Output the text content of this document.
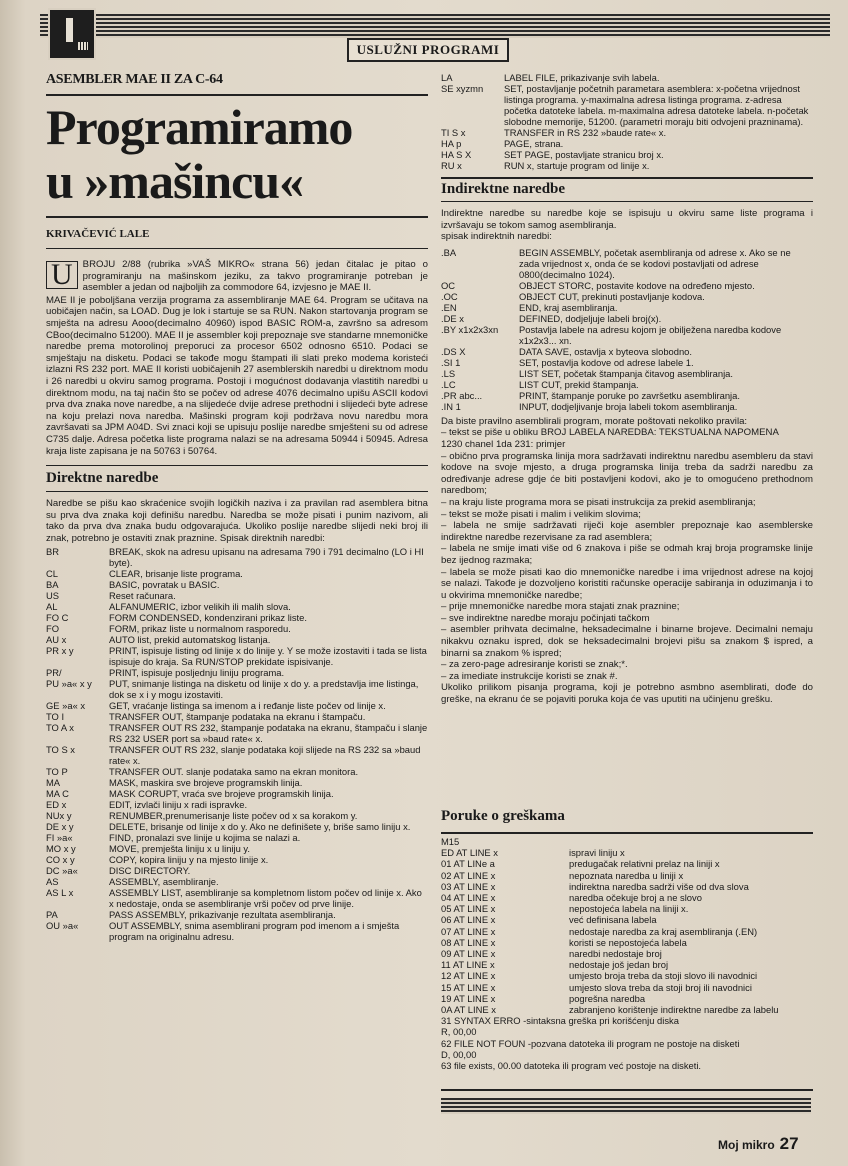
USLUŽNI PROGRAMI
ASEMBLER MAE II ZA C-64
Programiramo
u »mašincu«
KRIVAČEVIĆ LALE

U	BROJU 2/88 (rubrika »VAŠ MIKRO« strana 56) jedan čitalac je pitao o programiranju na mašinskom jeziku, za takvo programiranje potreban je asembler a jedan od najboljih za commodore 64, izvjesno je MAE II.

MAE II je poboljšana verzija programa za assembliranje MAE 64. Program se učitava na uobičajen način, sa LOAD. Dug je lok i startuje se sa RUN. Nakon startovanja program se smješta na adresu Aooo(decimalno 40960) ispod BASIC ROM-a, završno sa adresom CBoo(decimalno 51200). MAE II je assembler koji prepoznaje sve standarne mnemoničke naredbe prema motorolinoj preporuci za procesor 6502 odnosno 6510. Podaci se smještaju na disketu. Podaci se takođe mogu štampati ili slati preko modema koristeći izlazni RS 232 port. MAE II koristi uobičajenih 27 asemblerskih naredbi u direktnom modu i 26 naredbi u okviru samog programa. Postoji i mogućnost dodavanja vlastitih naredbi u direktnom modu, na taj način što se počev od adrese 4076 decimalno upišu ASCII kodovi prva dva znaka nove naredbe, a na slijedeće dvije adrese prethodni i slijedeći byte adrese na koju prelazi nova naredba. Mašinski program koji podržava novu naredbu mora završavati sa JPM A04D. Svi znaci koji se upisuju poslije naredbe smješteni su od adrese C735 dalje. Adresa početka liste programa nalazi se na adresama 50944 i 50945. Adresa kraja liste zapisana je na 50763 i 50764.

Direktne naredbe

Naredbe se pišu kao skraćenice svojih logičkih naziva i za pravilan rad asemblera bitna su prva dva znaka koji definišu naredbu. Naredba se može pisati i punim nazivom, ali tako da prva dva znaka budu odgovarajuća. Ukoliko poslije naredbe slijedi neki broj ili znak, potrebno je ostaviti znak praznine. Spisak direktnih naredbi:

BR	BREAK, skok na adresu upisanu na adresama 790 i 791 decimalno (LO i HI byte).
CL	CLEAR, brisanje liste programa.
BA	BASIC, povratak u BASIC.
US	Reset računara.
AL	ALFANUMERIC, izbor velikih ili malih slova.
FO C	FORM CONDENSED, kondenzirani prikaz liste.
FO	FORM, prikaz liste u normalnom rasporedu.
AU x	AUTO list, prekid automatskog listanja.
PR x y	PRINT, ispisuje listing od linije x do linije y. Y se može izostaviti i tada se lista ispisuje do kraja. Sa RUN/STOP prekidate ispisivanje.
PR/	PRINT, ispisuje posljednju liniju programa.
PU »a« x y	PUT, snimanje listinga na disketu od linije x do y. a predstavlja ime listinga, dok se x i y mogu izostaviti.
GE »a« x	GET, vraćanje listinga sa imenom a i ređanje liste počev od linije x.
TO I	TRANSFER OUT, štampanje podataka na ekranu i štampaču.
TO A x	TRANSFER OUT RS 232, štampanje podataka na ekranu, štampaču i slanje RS 232 USER port sa »baud rate« x.
TO S x	TRANSFER OUT RS 232, slanje podataka koji slijede na RS 232 sa »baud rate« x.
TO P	TRANSFER OUT. slanje podataka samo na ekran monitora.
MA	MASK, maskira sve brojeve programskih linija.
MA C	MASK CORUPT, vraća sve brojeve programskih linija.
ED x	EDIT, izvlači liniju x radi ispravke.
NUx y	RENUMBER,prenumerisanje liste počev od x sa korakom y.
DE x y	DELETE, brisanje od linije x do y. Ako ne definišete y, briše samo liniju x.
FI »a«	FIND, pronalazi sve linije u kojima se nalazi a.
MO x y	MOVE, premješta liniju x u liniju y.
CO x y	COPY, kopira liniju y na mjesto linije x.
DC »a«	DISC DIRECTORY.
AS	ASSEMBLY, asembliranje.
AS L x	ASSEMBLY LIST, asembliranje sa kompletnom listom počev od linije x. Ako x nedostaje, onda se asembliranje vrši počev od prve linije.
PA	PASS ASSEMBLY, prikazivanje rezultata asembliranja.
OU »a«	OUT ASSEMBLY, snima asemblirani program pod imenom a i smješta program na originalnu adresu.
LA	LABEL FILE, prikazivanje svih labela.
SE xyzmn	SET, postavljanje početnih parametara asemblera: x-početna vrijednost listinga programa. y-maximalna adresa listinga programa. z-adresa početka datoteke labela. m-maximalna adresa datoteke labela. n-početak slobodne memorije, 51200. (parametri moraju biti odvojeni prazninama).
TI S x	TRANSFER in RS 232 »baude rate« x.
HA p	PAGE, strana.
HA S X	SET PAGE, postavljate stranicu broj x.
RU x	RUN x, startuje program od linije x.
Indirektne naredbe

Indirektne naredbe su naredbe koje se ispisuju u okviru same liste programa i izvršavaju se tokom samog asembliranja.

spisak indirektnih naredbi:

.BA	BEGIN ASSEMBLY, početak asembliranja od adrese x. Ako se ne zada vrijednost x, onda će se kodovi postavljati od adrese 0800(decimalno 1024).
OC	OBJECT STORC, postavite kodove na određeno mjesto.
.OC	OBJECT CUT, prekinuti postavljanje kodova.
.EN	END, kraj asembliranja.
.DE x	DEFINED, dodjeljuje labeli broj(x).
.BY x1x2x3xn	Postavlja labele na adresu kojom je obilježena naredba kodove x1x2x3... xn.
.DS X	DATA SAVE, ostavlja x byteova slobodno.
.SI 1	SET, postavlja kodove od adrese labele 1.
.LS	LIST SET, početak štampanja čitavog asembliranja.
.LC	LIST CUT, prekid štampanja.
.PR abc...	PRINT, štampanje poruke po završetku asembliranja.
.IN 1	INPUT, dodjeljivanje broja labeli tokom asembliranja.

Da biste pravilno asemblirali program, morate poštovati nekoliko pravila:

– tekst se piše u obliku BROJ LABELA NAREDBA: TEKSTUALNA NAPOMENA

1230 chanel 1da 231: primjer

– obično prva programska linija mora sadržavati indirektnu naredbu asembleru da stavi kodove na svoje mjesto, a druga programska linija treba da sadrži naredbu za određivanje adrese gdje će biti postavljeni kodovi, ako je to omogućeno prethodnom naredbom;

– na kraju liste programa mora se pisati instrukcija za prekid asembliranja;

– tekst se može pisati i malim i velikim slovima;

– labela ne smije sadržavati riječi koje asembler prepoznaje kao asemblerske indirektne naredbe rezervisane za rad asemblera;

– labela ne smije imati više od 6 znakova i piše se odmah kraj broja programske linije bez ijednog razmaka;

– labela se može pisati kao dio mnemoničke naredbe i ima vrijednost adrese na kojoj se nalazi. Takođe je dozvoljeno koristiti računske operacije sabiranja in oduzimanja i to u okvirima mnemoničke naredbe;

– prije mnemoničke naredbe mora stajati znak praznine;

– sve indirektne naredbe moraju počinjati tačkom

– asembler prihvata decimalne, heksadecimalne i binarne brojeve. Decimalni nemaju nikakvu oznaku ispred, dok se heksadecimalni brojevi pišu sa znakom $ ispred, a binarni sa znakom % ispred;

– za zero-page adresiranje koristi se znak;*.

– za imediate instrukcije koristi se znak #.

Ukoliko prilikom pisanja programa, koji je potrebno asmbno asemblirati, dođe do greške, na ekranu će se pojaviti poruka koja će vas uputiti na učinjenu grešku.

Poruke o greškama
M15
ED AT LINE x	ispravi liniju x
01 AT LINe a	predugačak relativni prelaz na liniji x
02 AT LINE x	nepoznata naredba u liniji x
03 AT LINE x	indirektna naredba sadrži više od dva slova
04 AT LINE x	naredba očekuje broj a ne slovo
05 AT LINE x	nepostojeća labela na liniji x.
06 AT LINE x	već definisana labela
07 AT LINE x	nedostaje naredba za kraj asembliranja (.EN)
08 AT LINE x	koristi se nepostojeća labela
09 AT LINE x	naredbi nedostaje broj
11 AT LINE x	nedostaje još jedan broj
12 AT LINE x	umjesto broja treba da stoji slovo ili navodnici
15 AT LINE x	umjesto slova treba da stoji broj ili navodnici
19 AT LINE x	pogrešna naredba
0A AT LINE x	zabranjeno korištenje indirektne naredbe za labelu
31 SYNTAX ERRO -sintaksna greška pri korišćenju diska
R, 00,00
62 FILE NOT FOUN -pozvana datoteka ili program ne postoje na disketi
D, 00,00
63 file exists, 00.00 datoteka ili program već postoje na disketi.
Moj mikro 27
